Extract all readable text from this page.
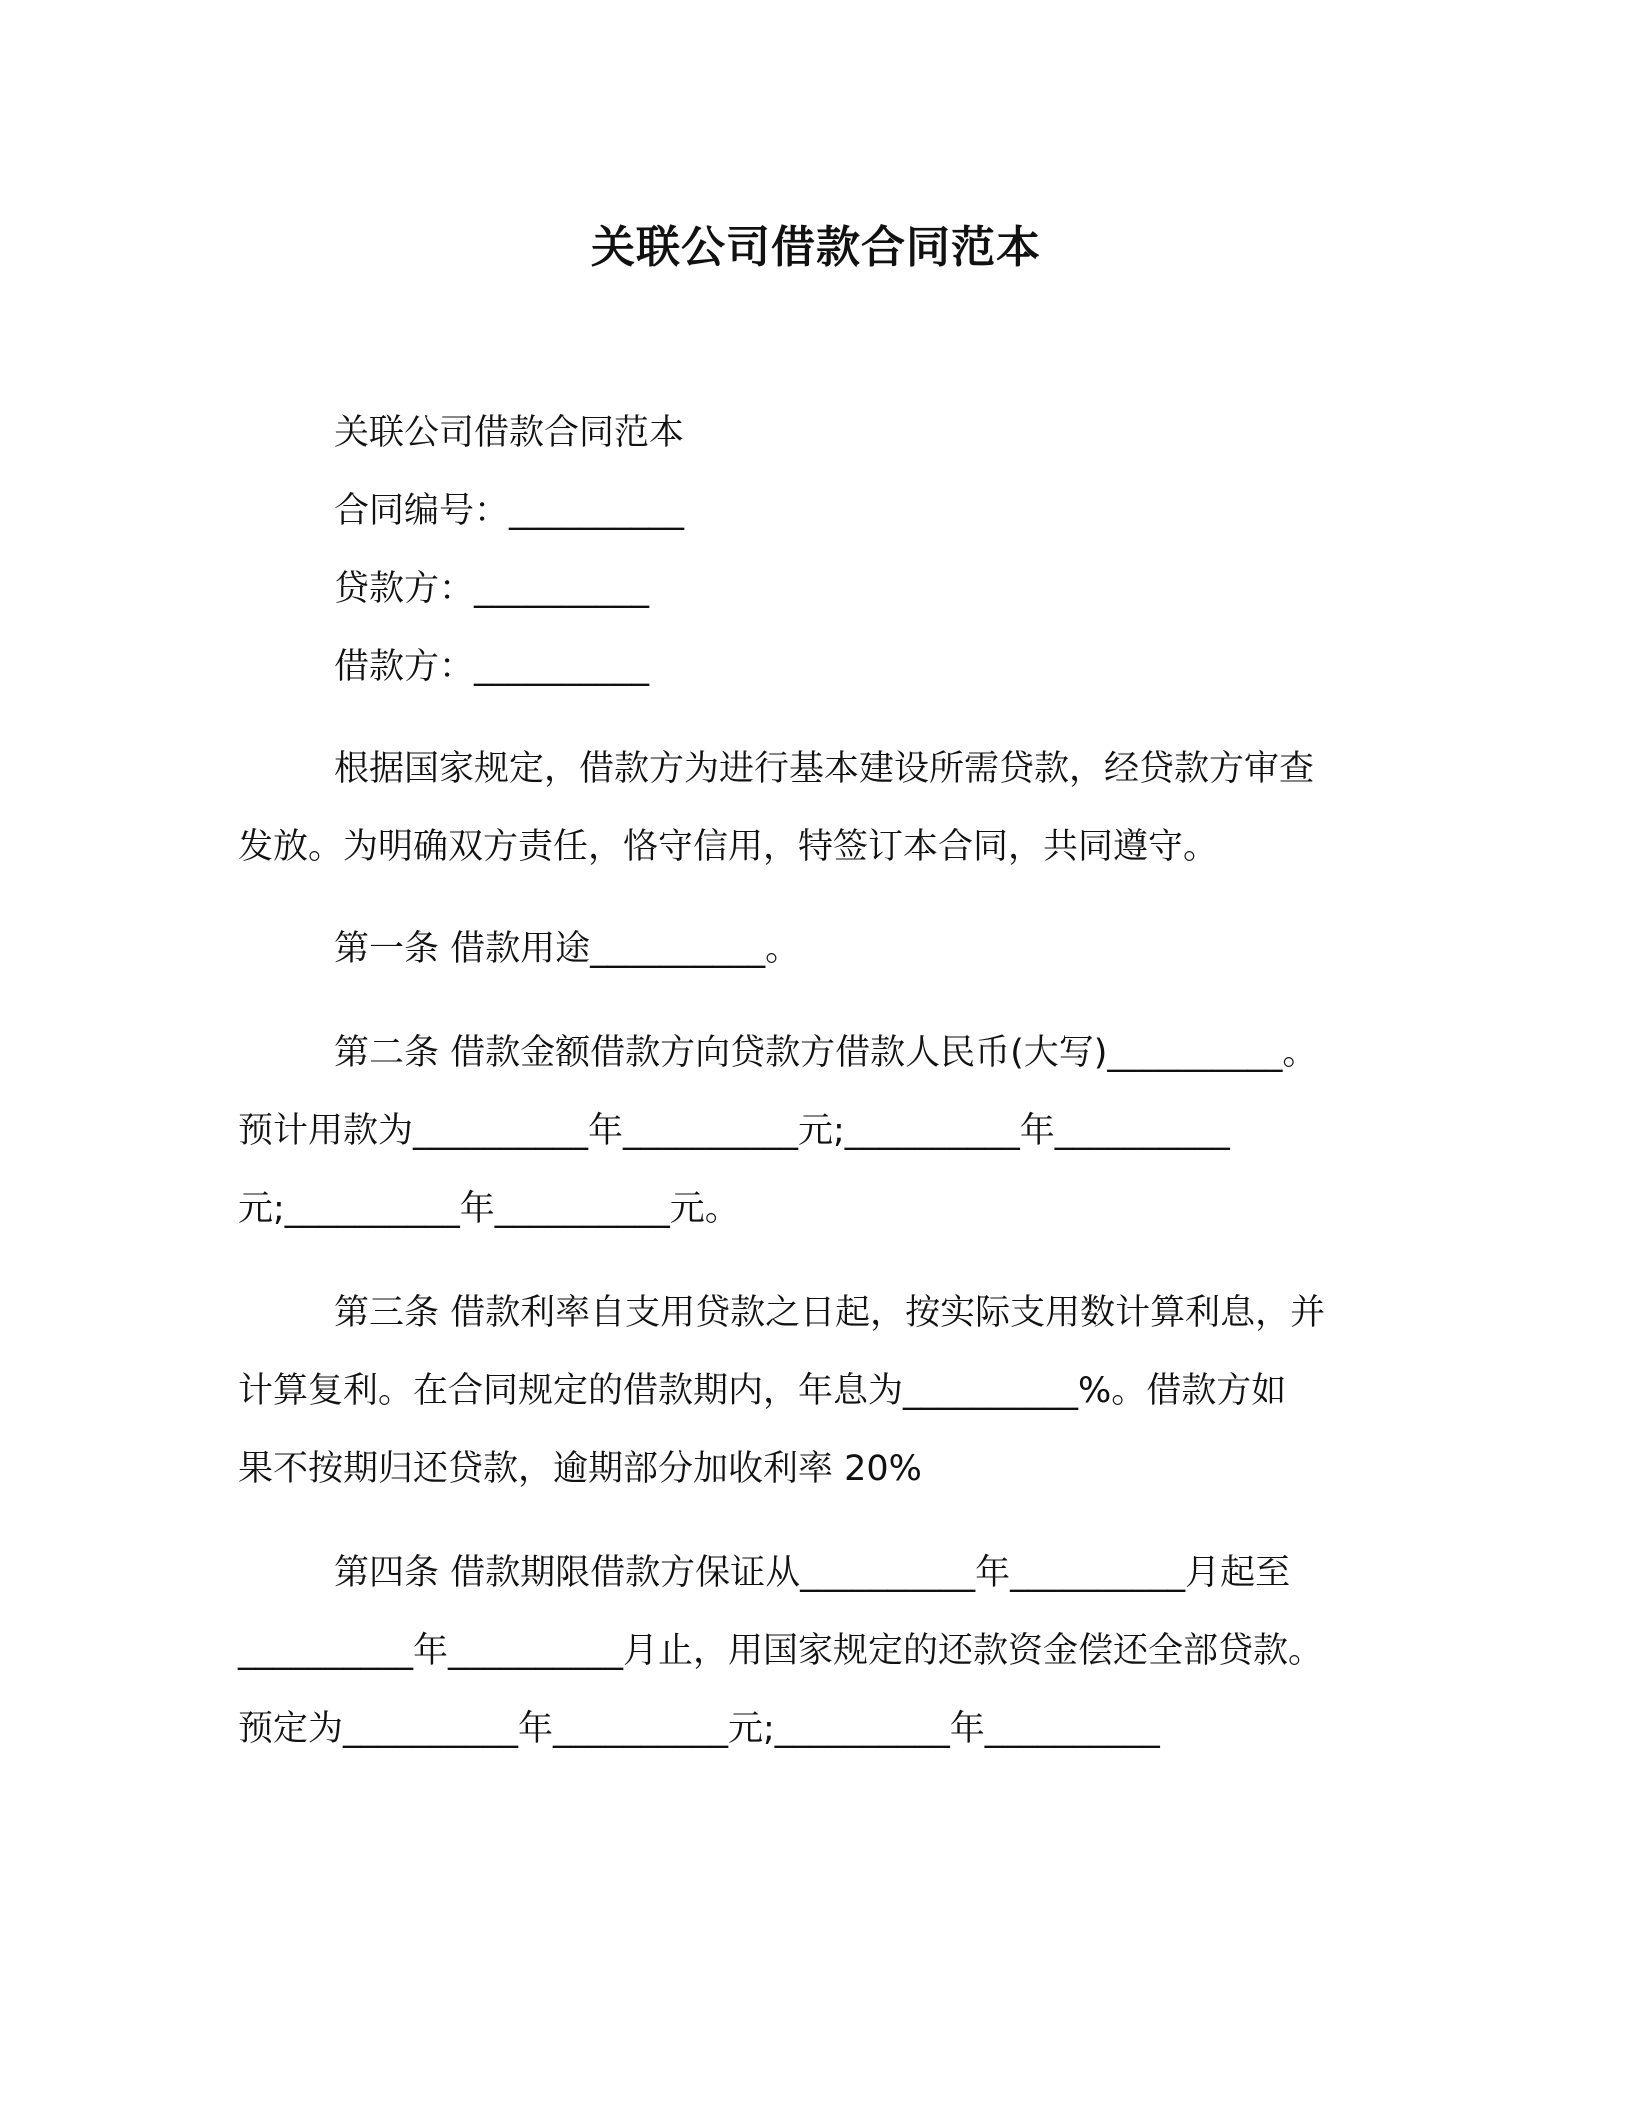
关联公司借款合同范本

关联公司借款合同范本

合同编号：__________

贷款方：__________

借款方：__________

根据国家规定，借款方为进行基本建设所需贷款，经贷款方审查

发放。为明确双方责任，恪守信用，特签订本合同，共同遵守。

第一条 借款用途__________。

第二条 借款金额借款方向贷款方借款人民币(大写)__________。

预计用款为__________年__________元;__________年__________

元;__________年__________元。

第三条 借款利率自支用贷款之日起，按实际支用数计算利息，并

计算复利。在合同规定的借款期内，年息为__________%。借款方如

果不按期归还贷款，逾期部分加收利率 20%

第四条 借款期限借款方保证从__________年__________月起至

__________年__________月止，用国家规定的还款资金偿还全部贷款。

预定为__________年__________元;__________年__________
